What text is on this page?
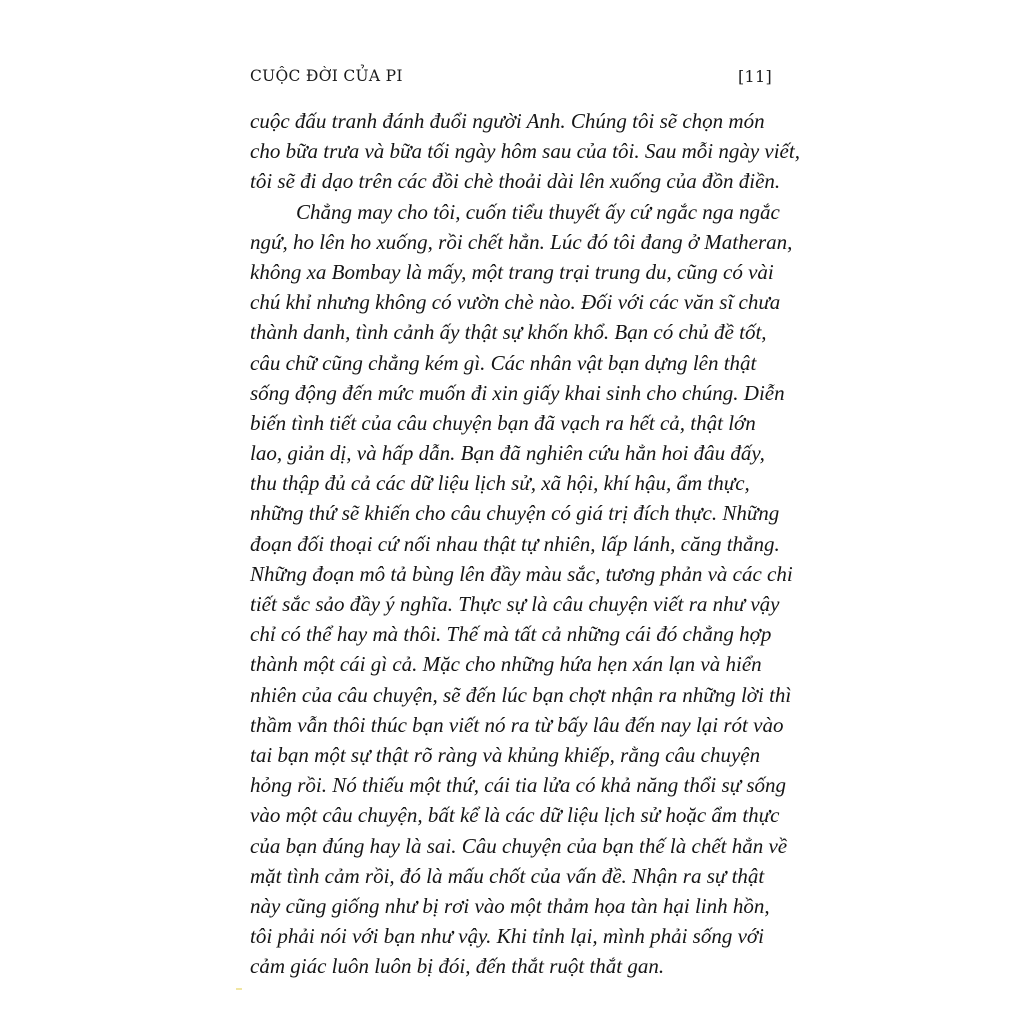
CUỘC ĐỜI CỦA PI	[11]
cuộc đấu tranh đánh đuổi người Anh. Chúng tôi sẽ chọn món
cho bữa trưa và bữa tối ngày hôm sau của tôi. Sau mỗi ngày viết,
tôi sẽ đi dạo trên các đồi chè thoải dài lên xuống của đồn điền.
Chẳng may cho tôi, cuốn tiểu thuyết ấy cứ ngắc nga ngắc
ngứ, ho lên ho xuống, rồi chết hẳn. Lúc đó tôi đang ở Matheran,
không xa Bombay là mấy, một trang trại trung du, cũng có vài
chú khỉ nhưng không có vườn chè nào. Đối với các văn sĩ chưa
thành danh, tình cảnh ấy thật sự khốn khổ. Bạn có chủ đề tốt,
câu chữ cũng chẳng kém gì. Các nhân vật bạn dựng lên thật
sống động đến mức muốn đi xin giấy khai sinh cho chúng. Diễn
biến tình tiết của câu chuyện bạn đã vạch ra hết cả, thật lớn
lao, giản dị, và hấp dẫn. Bạn đã nghiên cứu hẳn hoi đâu đấy,
thu thập đủ cả các dữ liệu lịch sử, xã hội, khí hậu, ẩm thực,
những thứ sẽ khiến cho câu chuyện có giá trị đích thực. Những
đoạn đối thoại cứ nối nhau thật tự nhiên, lấp lánh, căng thẳng.
Những đoạn mô tả bùng lên đầy màu sắc, tương phản và các chi
tiết sắc sảo đầy ý nghĩa. Thực sự là câu chuyện viết ra như vậy
chỉ có thể hay mà thôi. Thế mà tất cả những cái đó chẳng hợp
thành một cái gì cả. Mặc cho những hứa hẹn xán lạn và hiển
nhiên của câu chuyện, sẽ đến lúc bạn chợt nhận ra những lời thì
thầm vẫn thôi thúc bạn viết nó ra từ bấy lâu đến nay lại rót vào
tai bạn một sự thật rõ ràng và khủng khiếp, rằng câu chuyện
hỏng rồi. Nó thiếu một thứ, cái tia lửa có khả năng thổi sự sống
vào một câu chuyện, bất kể là các dữ liệu lịch sử hoặc ẩm thực
của bạn đúng hay là sai. Câu chuyện của bạn thế là chết hẳn về
mặt tình cảm rồi, đó là mấu chốt của vấn đề. Nhận ra sự thật
này cũng giống như bị rơi vào một thảm họa tàn hại linh hồn,
tôi phải nói với bạn như vậy. Khi tỉnh lại, mình phải sống với
cảm giác luôn luôn bị đói, đến thắt ruột thắt gan.
